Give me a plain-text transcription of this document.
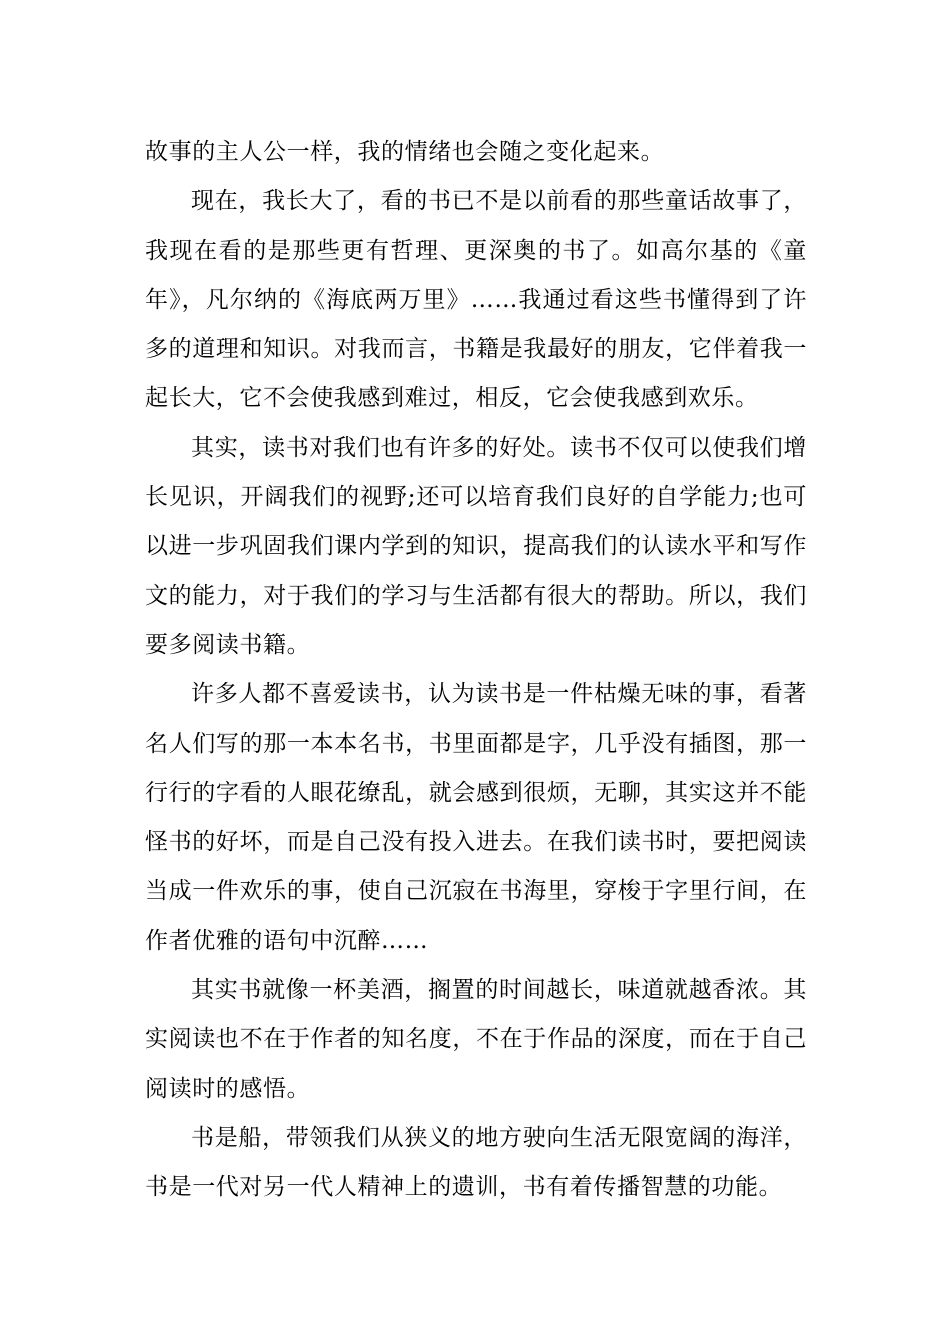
故事的主人公一样，我的情绪也会随之变化起来。

现在，我长大了，看的书已不是以前看的那些童话故事了，我现在看的是那些更有哲理、更深奥的书了。如高尔基的《童年》，凡尔纳的《海底两万里》……我通过看这些书懂得到了许多的道理和知识。对我而言，书籍是我最好的朋友，它伴着我一起长大，它不会使我感到难过，相反，它会使我感到欢乐。

其实，读书对我们也有许多的好处。读书不仅可以使我们增长见识，开阔我们的视野;还可以培育我们良好的自学能力;也可以进一步巩固我们课内学到的知识，提高我们的认读水平和写作文的能力，对于我们的学习与生活都有很大的帮助。所以，我们要多阅读书籍。

许多人都不喜爱读书，认为读书是一件枯燥无味的事，看著名人们写的那一本本名书，书里面都是字，几乎没有插图，那一行行的字看的人眼花缭乱，就会感到很烦，无聊，其实这并不能怪书的好坏，而是自己没有投入进去。在我们读书时，要把阅读当成一件欢乐的事，使自己沉寂在书海里，穿梭于字里行间，在作者优雅的语句中沉醉……

其实书就像一杯美酒，搁置的时间越长，味道就越香浓。其实阅读也不在于作者的知名度，不在于作品的深度，而在于自己阅读时的感悟。

书是船，带领我们从狭义的地方驶向生活无限宽阔的海洋，书是一代对另一代人精神上的遗训，书有着传播智慧的功能。
